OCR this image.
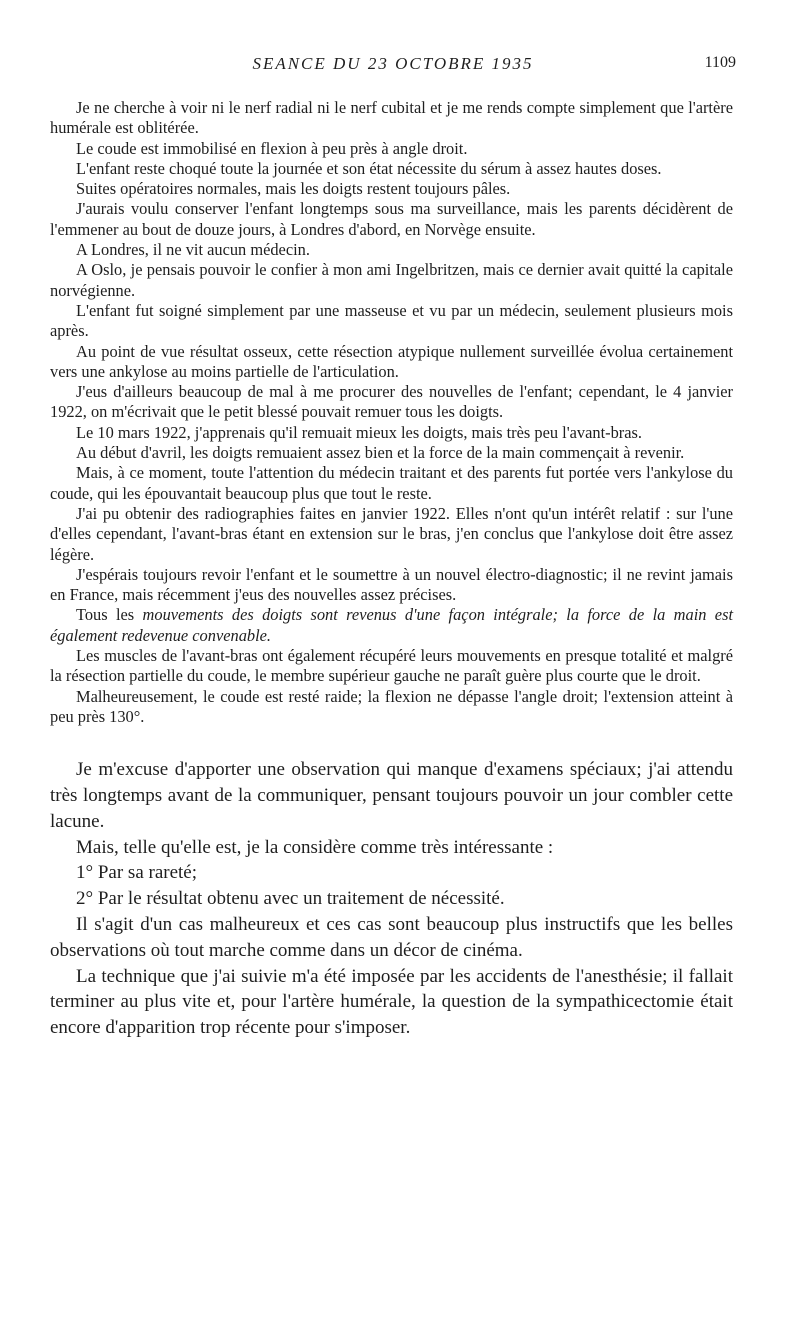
SEANCE DU 23 OCTOBRE 1935	1109

Je ne cherche à voir ni le nerf radial ni le nerf cubital et je me rends compte simplement que l'artère humérale est oblitérée.

Le coude est immobilisé en flexion à peu près à angle droit.

L'enfant reste choqué toute la journée et son état nécessite du sérum à assez hautes doses.

Suites opératoires normales, mais les doigts restent toujours pâles.

J'aurais voulu conserver l'enfant longtemps sous ma surveillance, mais les parents décidèrent de l'emmener au bout de douze jours, à Londres d'abord, en Norvège ensuite.

A Londres, il ne vit aucun médecin.

A Oslo, je pensais pouvoir le confier à mon ami Ingelbritzen, mais ce dernier avait quitté la capitale norvégienne.

L'enfant fut soigné simplement par une masseuse et vu par un médecin, seulement plusieurs mois après.

Au point de vue résultat osseux, cette résection atypique nullement surveillée évolua certainement vers une ankylose au moins partielle de l'articulation.

J'eus d'ailleurs beaucoup de mal à me procurer des nouvelles de l'enfant; cependant, le 4 janvier 1922, on m'écrivait que le petit blessé pouvait remuer tous les doigts.

Le 10 mars 1922, j'apprenais qu'il remuait mieux les doigts, mais très peu l'avant-bras.

Au début d'avril, les doigts remuaient assez bien et la force de la main commençait à revenir.

Mais, à ce moment, toute l'attention du médecin traitant et des parents fut portée vers l'ankylose du coude, qui les épouvantait beaucoup plus que tout le reste.

J'ai pu obtenir des radiographies faites en janvier 1922. Elles n'ont qu'un intérêt relatif : sur l'une d'elles cependant, l'avant-bras étant en extension sur le bras, j'en conclus que l'ankylose doit être assez légère.

J'espérais toujours revoir l'enfant et le soumettre à un nouvel électro-diagnostic; il ne revint jamais en France, mais récemment j'eus des nouvelles assez précises.

Tous les mouvements des doigts sont revenus d'une façon intégrale; la force de la main est également redevenue convenable.

Les muscles de l'avant-bras ont également récupéré leurs mouvements en presque totalité et malgré la résection partielle du coude, le membre supérieur gauche ne paraît guère plus courte que le droit.

Malheureusement, le coude est resté raide; la flexion ne dépasse l'angle droit; l'extension atteint à peu près 130°.

Je m'excuse d'apporter une observation qui manque d'examens spéciaux; j'ai attendu très longtemps avant de la communiquer, pensant toujours pouvoir un jour combler cette lacune.

Mais, telle qu'elle est, je la considère comme très intéressante :

1° Par sa rareté;

2° Par le résultat obtenu avec un traitement de nécessité.

Il s'agit d'un cas malheureux et ces cas sont beaucoup plus instructifs que les belles observations où tout marche comme dans un décor de cinéma.

La technique que j'ai suivie m'a été imposée par les accidents de l'anesthésie; il fallait terminer au plus vite et, pour l'artère humérale, la question de la sympathicectomie était encore d'apparition trop récente pour s'imposer.
